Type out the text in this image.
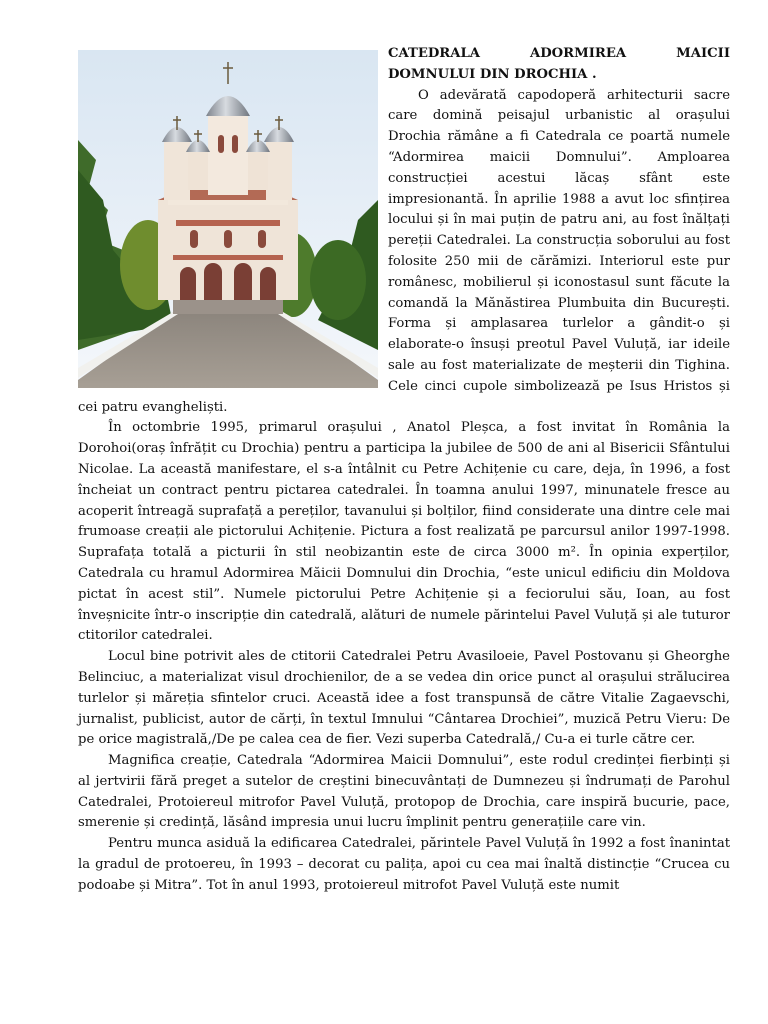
CATEDRALA ADORMIREA MAICII DOMNULUI DIN DROCHIA .

O adevărată capodoperă arhitecturii sacre care domină peisajul urbanistic al orașului Drochia rămâne a fi Catedrala ce poartă numele “Adormirea maicii Domnului”. Amploarea construcției acestui lăcaș sfânt este impresionantă. În aprilie 1988 a avut loc sfințirea locului și în mai puțin de patru ani, au fost înălțați pereții Catedralei. La construcția soborului au fost folosite 250 mii de cărămizi. Interiorul este pur românesc, mobilierul și iconostasul sunt făcute la comandă la Mănăstirea Plumbuita din București. Forma și amplasarea turlelor a gândit-o și elaborate-o însuși preotul Pavel Vuluță, iar ideile sale au fost materializate de meșterii din Tighina. Cele cinci cupole simbolizează pe Isus Hristos și cei patru evangheliști.

În octombrie 1995, primarul orașului , Anatol Pleșca, a fost invitat în România la Dorohoi(oraș înfrățit cu Drochia) pentru a participa la jubilee de 500 de ani al Bisericii Sfântului Nicolae. La această manifestare, el s-a întâlnit cu Petre Achițenie cu care, deja, în 1996, a fost încheiat un contract pentru pictarea catedralei. În toamna anului 1997, minunatele fresce au acoperit întreagă suprafață a pereților, tavanului și bolților, fiind considerate una dintre cele mai frumoase creații ale pictorului Achițenie. Pictura a fost realizată pe parcursul anilor 1997-1998. Suprafața totală a picturii în stil neobizantin este de circa 3000 m². În opinia experților, Catedrala cu hramul Adormirea Măicii Domnului din Drochia, “este unicul edificiu din Moldova pictat în acest stil”. Numele pictorului Petre Achițenie și a feciorului său, Ioan, au fost înveșnicite într-o inscripție din catedrală, alături de numele părintelui Pavel Vuluță și ale tuturor ctitorilor catedralei.

Locul bine potrivit ales de ctitorii Catedralei Petru Avasiloeie, Pavel Postovanu și Gheorghe Belinciuc, a materializat visul drochienilor, de a se vedea din orice punct al orașului strălucirea turlelor și măreția sfintelor cruci. Această idee a fost transpunsă de către Vitalie Zagaevschi, jurnalist, publicist, autor de cărți, în textul Imnului “Cântarea Drochiei”, muzică Petru Vieru: De pe orice magistrală,/De pe calea cea de fier. Vezi superba Catedrală,/ Cu-a ei turle către cer.

Magnifica creație, Catedrala “Adormirea Maicii Domnului”, este rodul credinței fierbinți și al jertvirii fără preget a sutelor de creștini binecuvântați de Dumnezeu și îndrumați de Parohul Catedralei, Protoiereul mitrofor Pavel Vuluță, protopop de Drochia, care inspiră bucurie, pace, smerenie și credință, lăsând impresia unui lucru împlinit pentru generațiile care vin.

Pentru munca asiduă la edificarea Catedralei, părintele Pavel Vuluță în 1992 a fost înanintat la gradul de protoereu, în 1993 – decorat cu palița, apoi cu cea mai înaltă distincție “Crucea cu podoabe și Mitra”. Tot în anul 1993, protoiereul mitrofot Pavel Vuluță este numit
